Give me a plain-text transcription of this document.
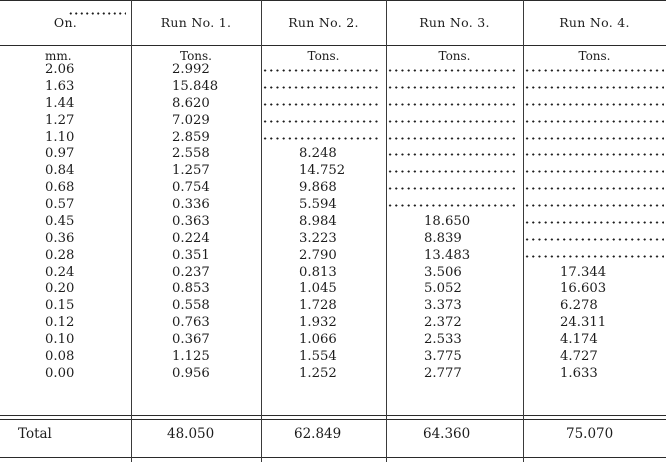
On.	Run No. 1.	Run No. 2.	Run No. 3.	Run No. 4.
mm.	Tons.	Tons.	Tons.	Tons.
2.06	2.992
1.63	15.848
1.44	8.620
1.27	7.029
1.10	2.859
0.97	2.558	8.248
0.84	1.257	14.752
0.68	0.754	9.868
0.57	0.336	5.594
0.45	0.363	8.984	18.650
0.36	0.224	3.223	8.839
0.28	0.351	2.790	13.483
0.24	0.237	0.813	3.506	17.344
0.20	0.853	1.045	5.052	16.603
0.15	0.558	1.728	3.373	6.278
0.12	0.763	1.932	2.372	24.311
0.10	0.367	1.066	2.533	4.174
0.08	1.125	1.554	3.775	4.727
0.00	0.956	1.252	2.777	1.633
Total	48.050	62.849	64.360	75.070
